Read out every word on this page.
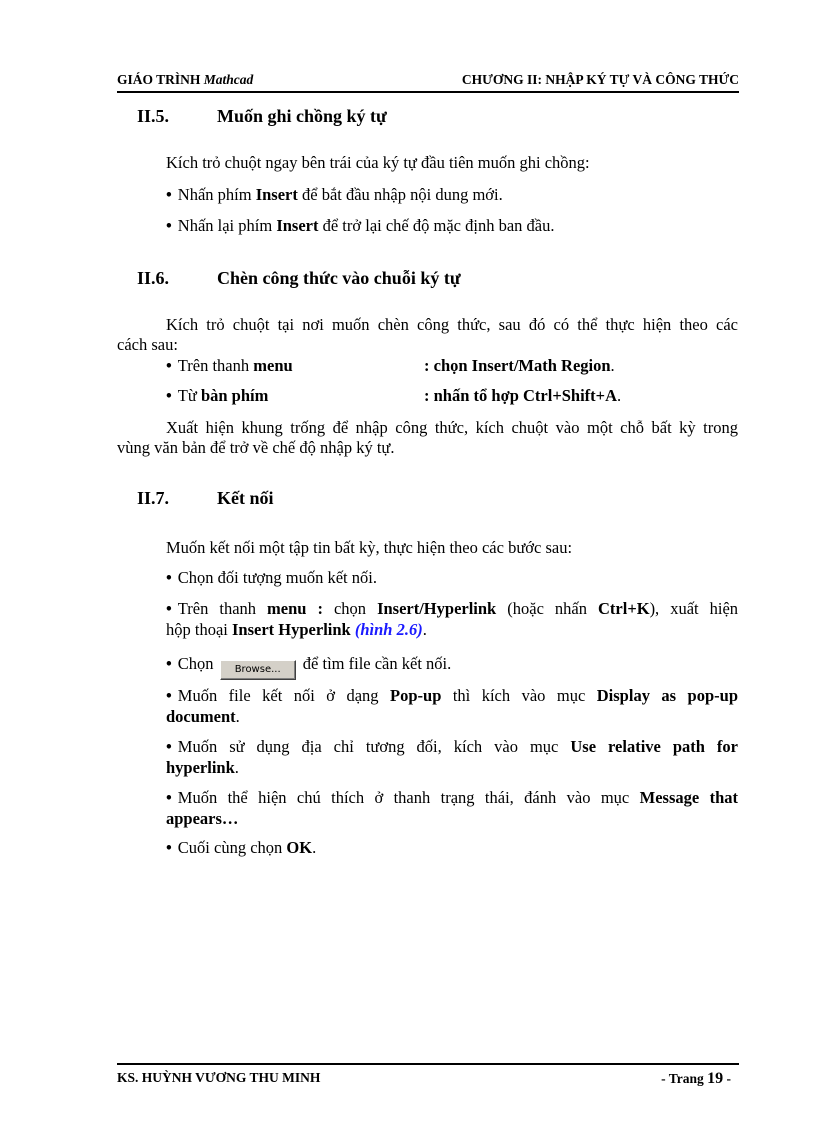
GIÁO TRÌNH Mathcad	CHƯƠNG II: NHẬP KÝ TỰ VÀ CÔNG THỨC
II.5.	Muốn ghi chồng ký tự
Kích trỏ chuột ngay bên trái của ký tự đầu tiên muốn ghi chồng:
• Nhấn phím Insert để bắt đầu nhập nội dung mới.
• Nhấn lại phím Insert để trở lại chế độ mặc định ban đầu.
II.6.	Chèn công thức vào chuỗi ký tự
Kích trỏ chuột tại nơi muốn chèn công thức, sau đó có thể thực hiện theo các
cách sau:
• Trên thanh menu	: chọn Insert/Math Region.
• Từ bàn phím	: nhấn tổ hợp Ctrl+Shift+A.
Xuất hiện khung trống để nhập công thức, kích chuột vào một chỗ bất kỳ trong
vùng văn bản để trở về chế độ nhập ký tự.
II.7.	Kết nối
Muốn kết nối một tập tin bất kỳ, thực hiện theo các bước sau:
• Chọn đối tượng muốn kết nối.
• Trên thanh menu : chọn Insert/Hyperlink (hoặc nhấn Ctrl+K), xuất hiện
hộp thoại Insert Hyperlink (hình 2.6).
• Chọn Browse... để tìm file cần kết nối.
• Muốn file kết nối ở dạng Pop-up thì kích vào mục Display as pop-up
document.
• Muốn sử dụng địa chỉ tương đối, kích vào mục Use relative path for
hyperlink.
• Muốn thể hiện chú thích ở thanh trạng thái, đánh vào mục Message that
appears…
• Cuối cùng chọn OK.
KS. HUỲNH VƯƠNG THU MINH	- Trang 19 -
